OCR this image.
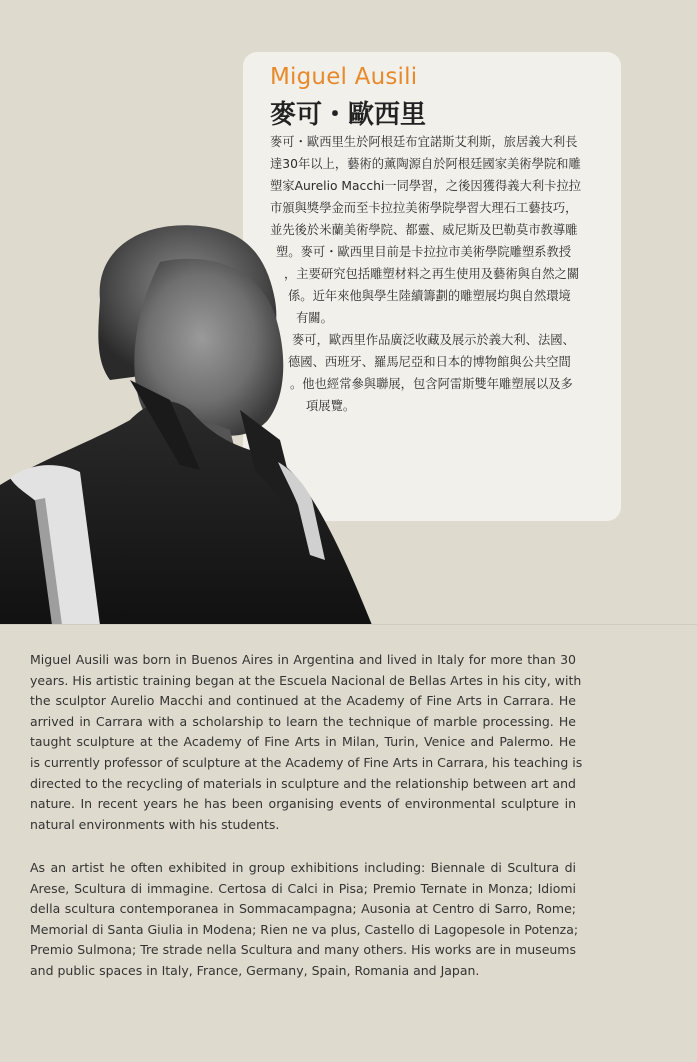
Miguel Ausili
麥可・歐西里
麥可・歐西里生於阿根廷布宜諾斯艾利斯，旅居義大利長
達30年以上，藝術的薰陶源自於阿根廷國家美術學院和雕
塑家Aurelio Macchi一同學習，之後因獲得義大利卡拉拉
市頒與獎學金而至卡拉拉美術學院學習大理石工藝技巧，
並先後於米蘭美術學院、都靈、威尼斯及巴勒莫市教導雕
塑。麥可・歐西里目前是卡拉拉市美術學院雕塑系教授
，主要研究包括雕塑材料之再生使用及藝術與自然之關
係。近年來他與學生陸續籌劃的雕塑展均與自然環境
有關。
麥可，歐西里作品廣泛收藏及展示於義大利、法國、
德國、西班牙、羅馬尼亞和日本的博物館與公共空間
。他也經常參與聯展，包含阿雷斯雙年雕塑展以及多
項展覽。
Miguel Ausili was born in Buenos Aires in Argentina and lived in Italy for more than 30
years. His artistic training began at the Escuela Nacional de Bellas Artes in his city, with
the sculptor Aurelio Macchi and continued at the Academy of Fine Arts in Carrara. He
arrived in Carrara with a scholarship to learn the technique of marble processing. He
taught sculpture at the Academy of Fine Arts in Milan, Turin, Venice and Palermo. He
is currently professor of sculpture at the Academy of Fine Arts in Carrara, his teaching is
directed to the recycling of materials in sculpture and the relationship between art and
nature. In recent years he has been organising events of environmental sculpture in
natural environments with his students.
As an artist he often exhibited in group exhibitions including: Biennale di Scultura di
Arese, Scultura di immagine. Certosa di Calci in Pisa; Premio Ternate in Monza; Idiomi
della scultura contemporanea in Sommacampagna; Ausonia at Centro di Sarro, Rome;
Memorial di Santa Giulia in Modena; Rien ne va plus, Castello di Lagopesole in Potenza;
Premio Sulmona; Tre strade nella Scultura and many others. His works are in museums
and public spaces in Italy, France, Germany, Spain, Romania and Japan.
